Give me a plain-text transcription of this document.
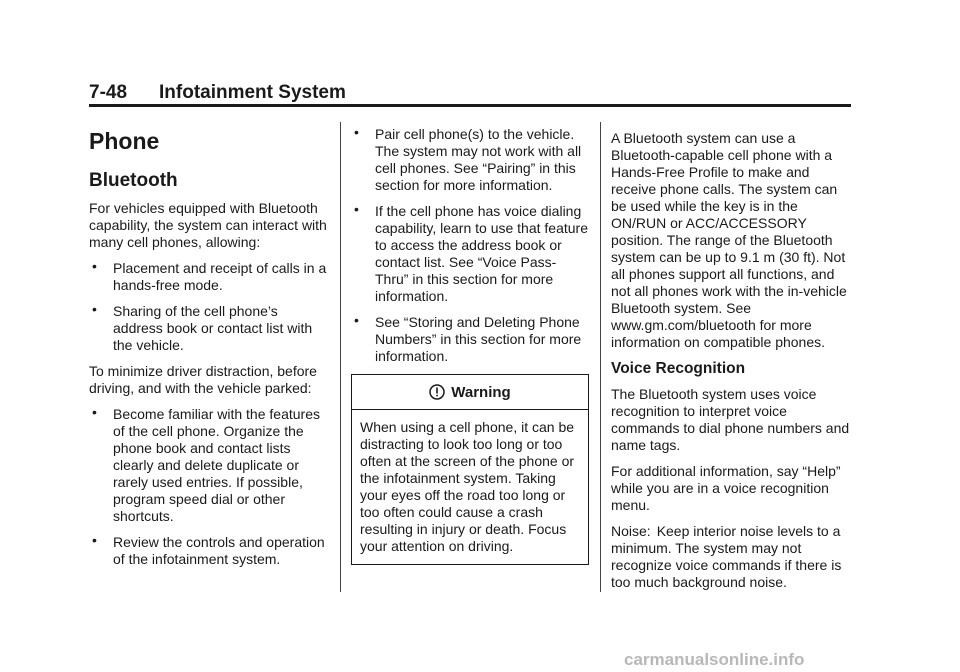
7-48 Infotainment System
Phone
Bluetooth

For vehicles equipped with Bluetooth capability, the system can interact with many cell phones, allowing:

• Placement and receipt of calls in a hands-free mode.
• Sharing of the cell phone’s address book or contact list with the vehicle.

To minimize driver distraction, before driving, and with the vehicle parked:

• Become familiar with the features of the cell phone. Organize the phone book and contact lists clearly and delete duplicate or rarely used entries. If possible, program speed dial or other shortcuts.
• Review the controls and operation of the infotainment system.
• Pair cell phone(s) to the vehicle. The system may not work with all cell phones. See “Pairing” in this section for more information.
• If the cell phone has voice dialing capability, learn to use that feature to access the address book or contact list. See “Voice Pass-Thru” in this section for more information.
• See “Storing and Deleting Phone Numbers” in this section for more information.
Warning
When using a cell phone, it can be distracting to look too long or too often at the screen of the phone or the infotainment system. Taking your eyes off the road too long or too often could cause a crash resulting in injury or death. Focus your attention on driving.

A Bluetooth system can use a Bluetooth-capable cell phone with a Hands-Free Profile to make and receive phone calls. The system can be used while the key is in the ON/RUN or ACC/ACCESSORY position. The range of the Bluetooth system can be up to 9.1 m (30 ft). Not all phones support all functions, and not all phones work with the in-vehicle Bluetooth system. See www.gm.com/bluetooth for more information on compatible phones.

Voice Recognition

The Bluetooth system uses voice recognition to interpret voice commands to dial phone numbers and name tags.

For additional information, say “Help” while you are in a voice recognition menu.

Noise: Keep interior noise levels to a minimum. The system may not recognize voice commands if there is too much background noise.

carmanualsonline.info
